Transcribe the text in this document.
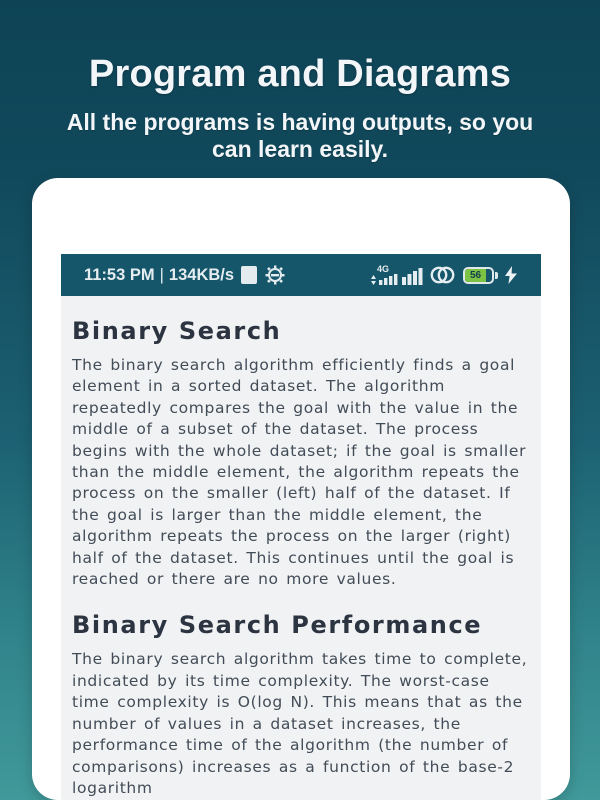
Program and Diagrams
All the programs is having outputs, so you can learn easily.
11:53 PM | 134KB/s	4G
56
Binary Search

The binary search algorithm efficiently finds a goal element in a sorted dataset. The algorithm repeatedly compares the goal with the value in the middle of a subset of the dataset. The process begins with the whole dataset; if the goal is smaller than the middle element, the algorithm repeats the process on the smaller (left) half of the dataset. If the goal is larger than the middle element, the algorithm repeats the process on the larger (right) half of the dataset. This continues until the goal is reached or there are no more values.

Binary Search Performance

The binary search algorithm takes time to complete, indicated by its time complexity. The worst-case time complexity is O(log N). This means that as the number of values in a dataset increases, the performance time of the algorithm (the number of comparisons) increases as a function of the base-2 logarithm
